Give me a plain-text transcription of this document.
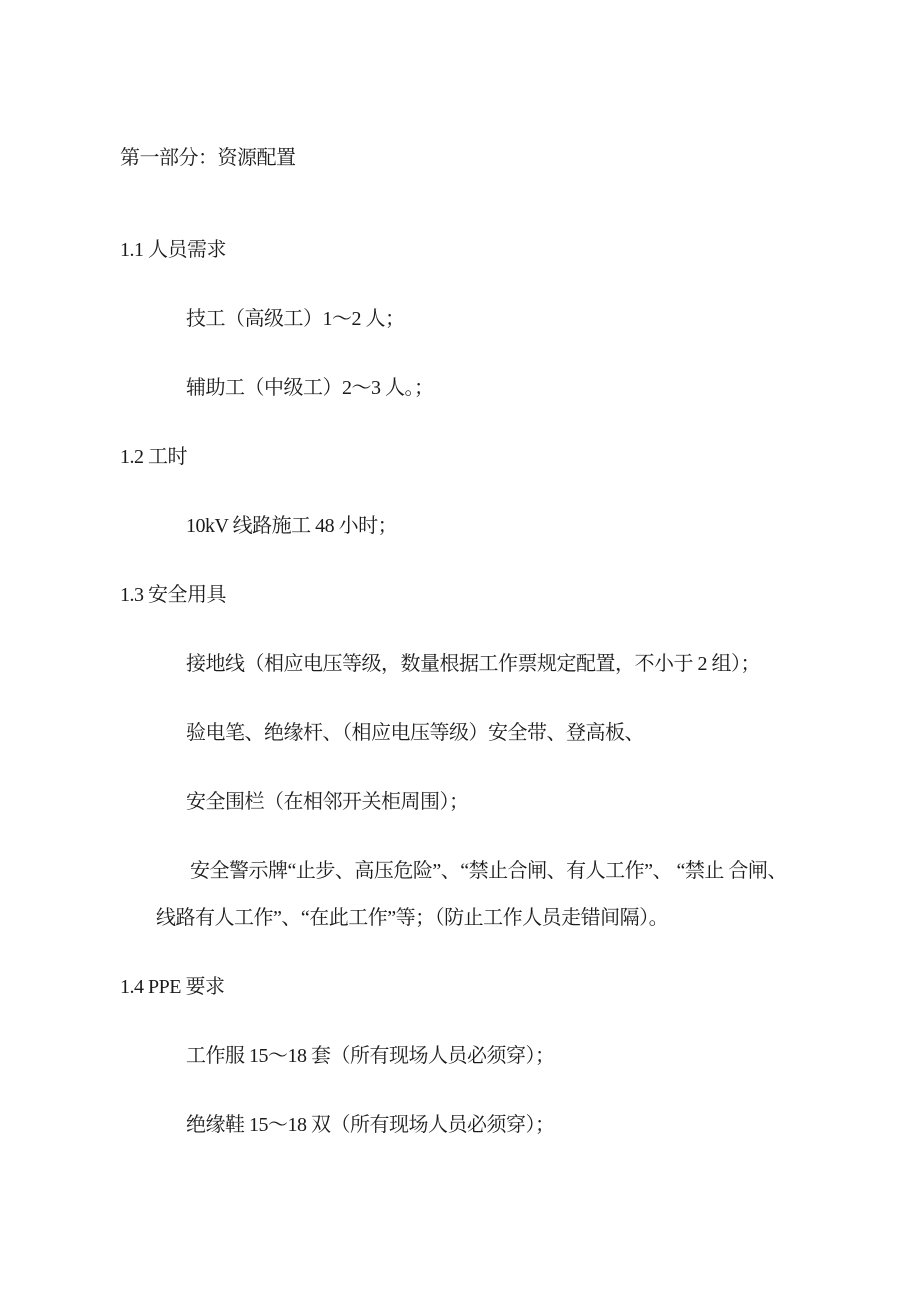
第一部分：资源配置
1.1 人员需求
技工（高级工）1～2 人；
辅助工（中级工）2～3 人。；
1.2 工时
10kV 线路施工 48 小时；
1.3 安全用具
接地线（相应电压等级，数量根据工作票规定配置，不小于 2 组）；
验电笔、绝缘杆、（相应电压等级）安全带、登高板、
安全围栏（在相邻开关柜周围）；
安全警示牌“止步、高压危险”、“禁止合闸、有人工作”、 “禁止 合闸、
线路有人工作”、“在此工作”等；（防止工作人员走错间隔）。
1.4 PPE 要求
工作服 15～18 套（所有现场人员必须穿）；
绝缘鞋 15～18 双（所有现场人员必须穿）；
